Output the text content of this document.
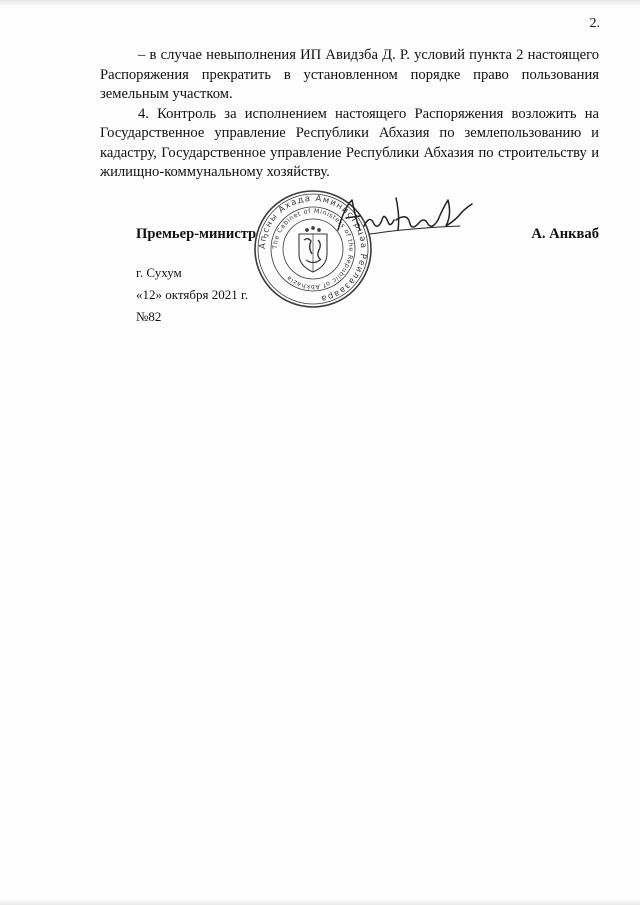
2.

– в случае невыполнения ИП Авидзба Д. Р. условий пункта 2 настоящего Распоряжения прекратить в установленном порядке право пользования земельным участком.

4. Контроль за исполнением настоящего Распоряжения возложить на Государственное управление Республики Абхазия по землепользованию и кадастру, Государственное управление Республики Абхазия по строительству и жилищно-коммунальному хозяйству.

Аҧсны Ахада Аминистрцәа Реилазаара
The Cabinet of Ministers of the Republic of Abkhazia
Премьер-министр	А. Анкваб
г. Сухум
«12» октября 2021 г.
№82
